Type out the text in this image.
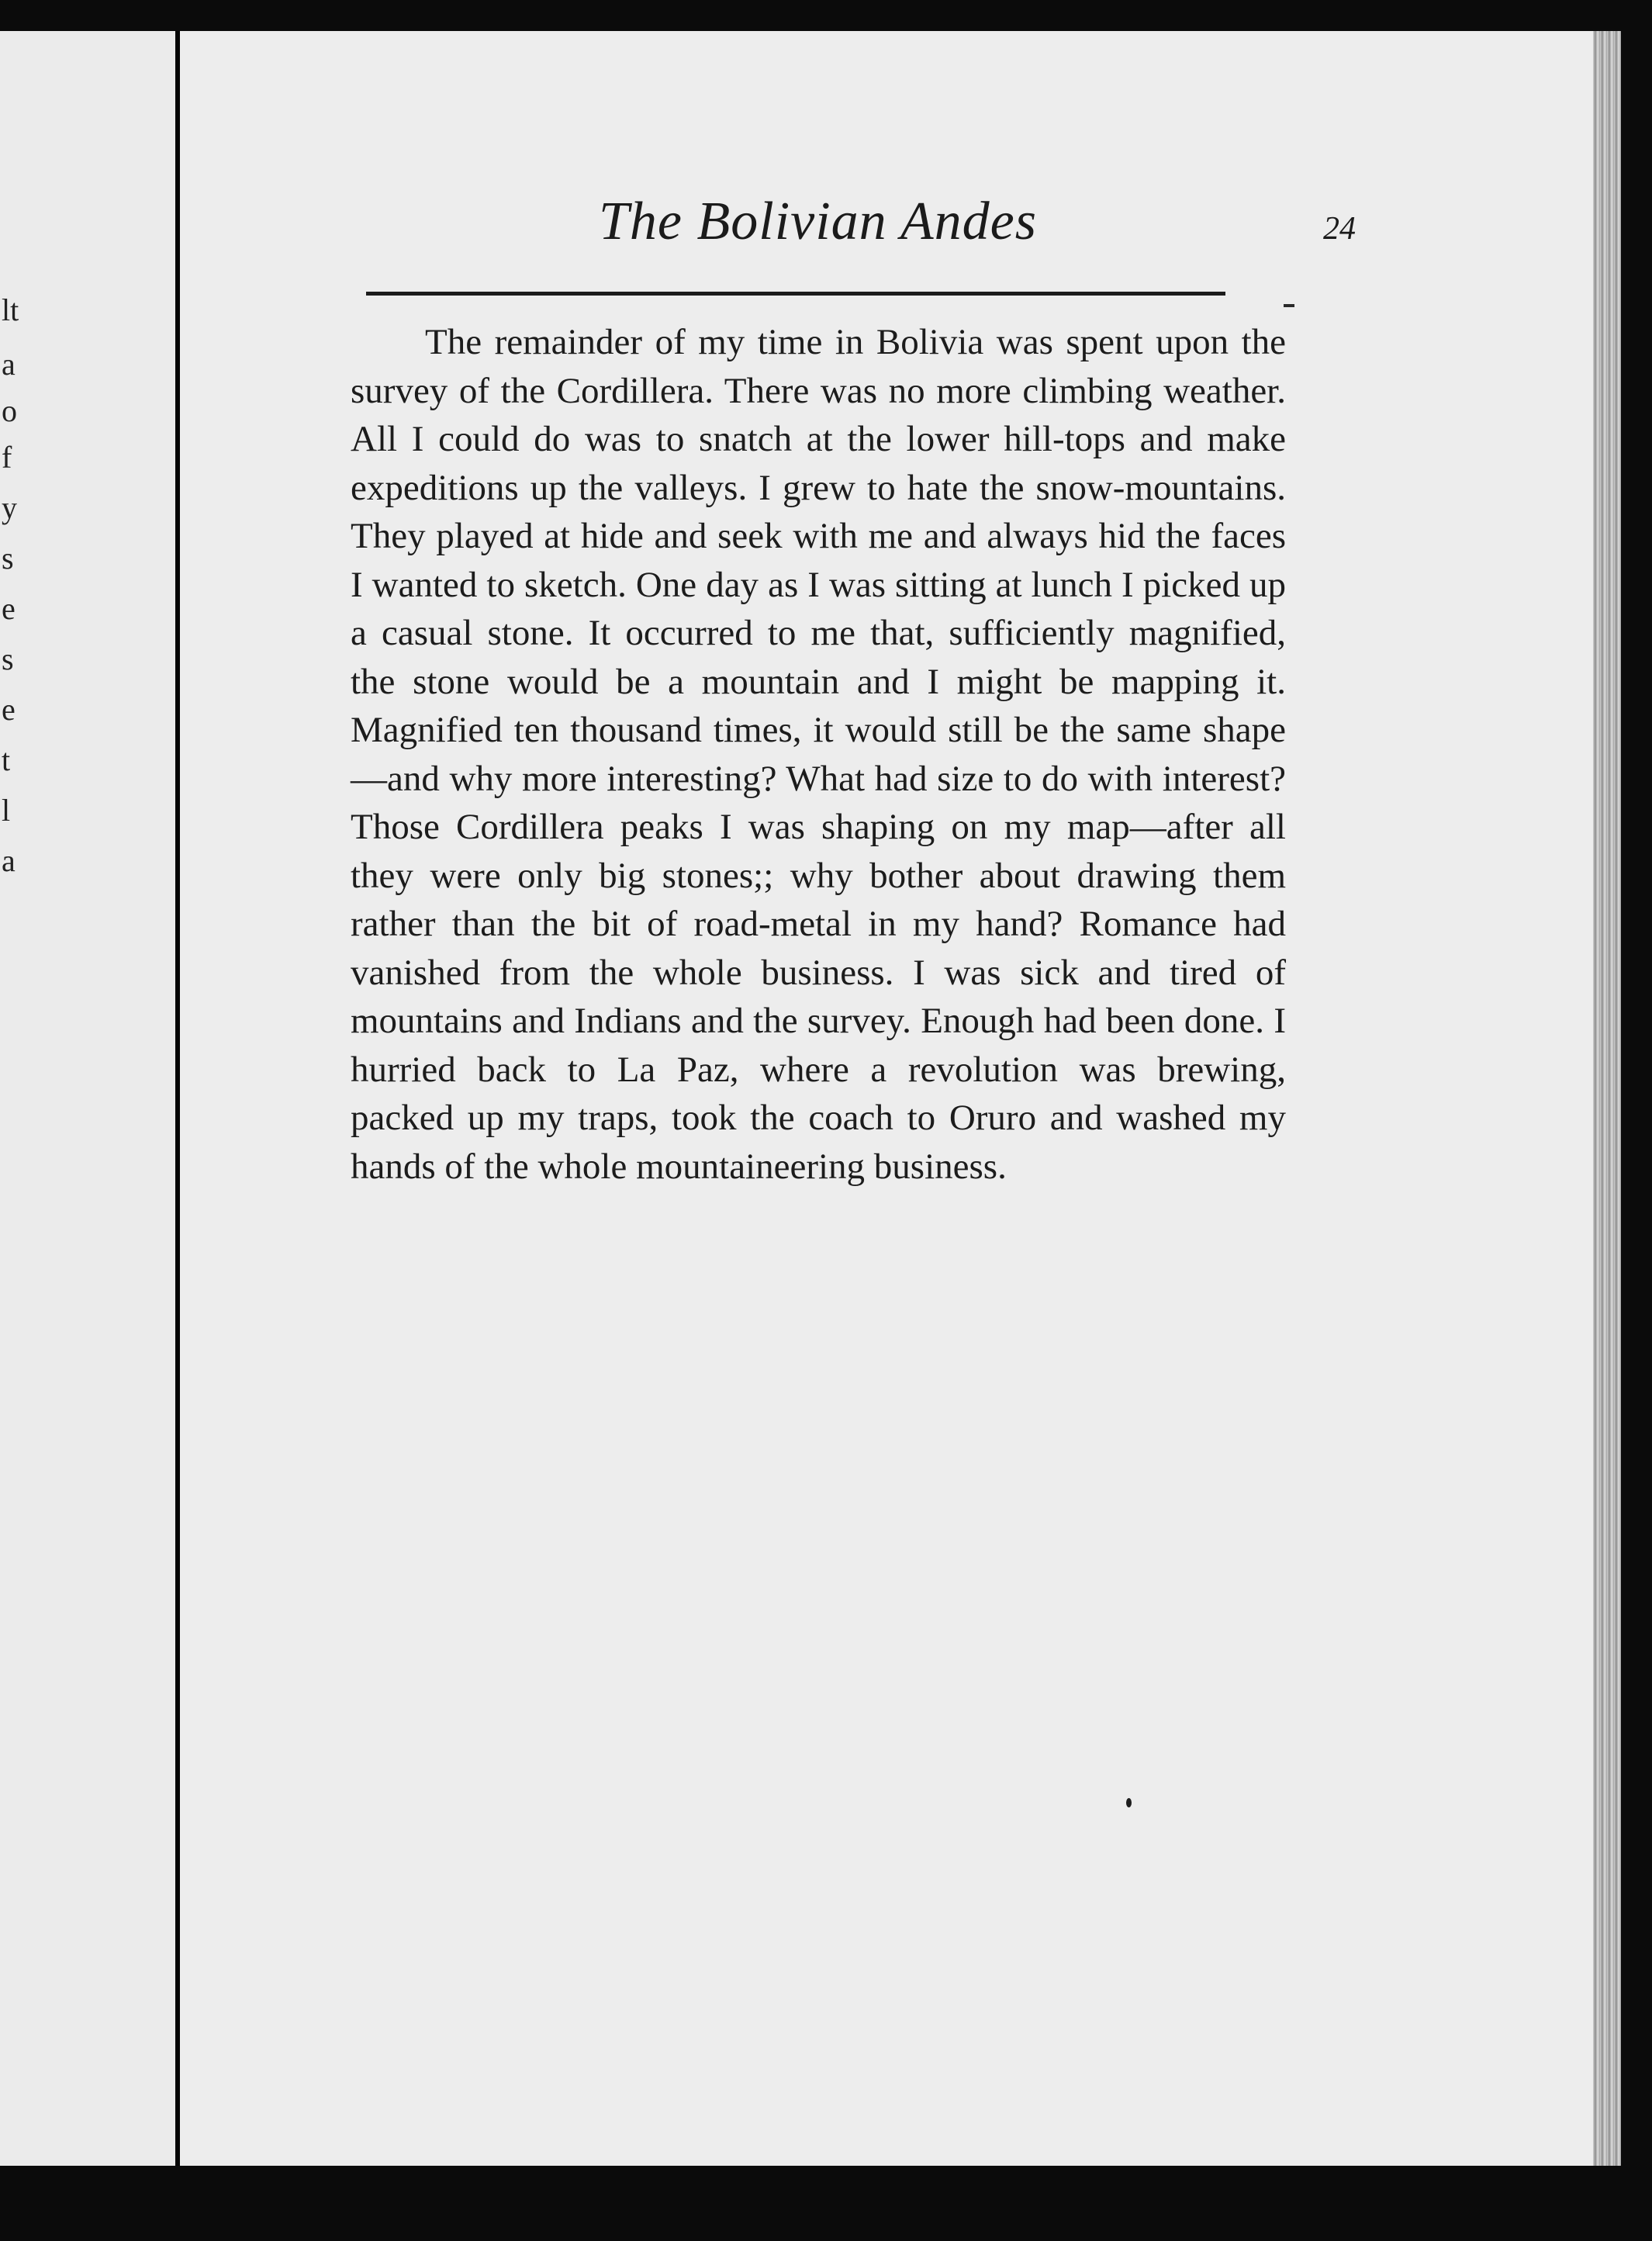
lt
a
o
f
y
s
e
s
e
t
l
a
The Bolivian Andes	24

The remainder of my time in Bolivia was spent upon the survey of the Cordillera. There was no more climbing weather. All I could do was to snatch at the lower hill-tops and make expeditions up the valleys. I grew to hate the snow-mountains. They played at hide and seek with me and always hid the faces I wanted to sketch. One day as I was sitting at lunch I picked up a casual stone. It occurred to me that, sufficiently magnified, the stone would be a mountain and I might be mapping it. Magnified ten thousand times, it would still be the same shape—and why more interesting? What had size to do with interest? Those Cordillera peaks I was shaping on my map—after all they were only big stones;; why bother about drawing them rather than the bit of road-metal in my hand? Romance had vanished from the whole business. I was sick and tired of mountains and Indians and the survey. Enough had been done. I hurried back to La Paz, where a revolution was brewing, packed up my traps, took the coach to Oruro and washed my hands of the whole mountaineering business.
